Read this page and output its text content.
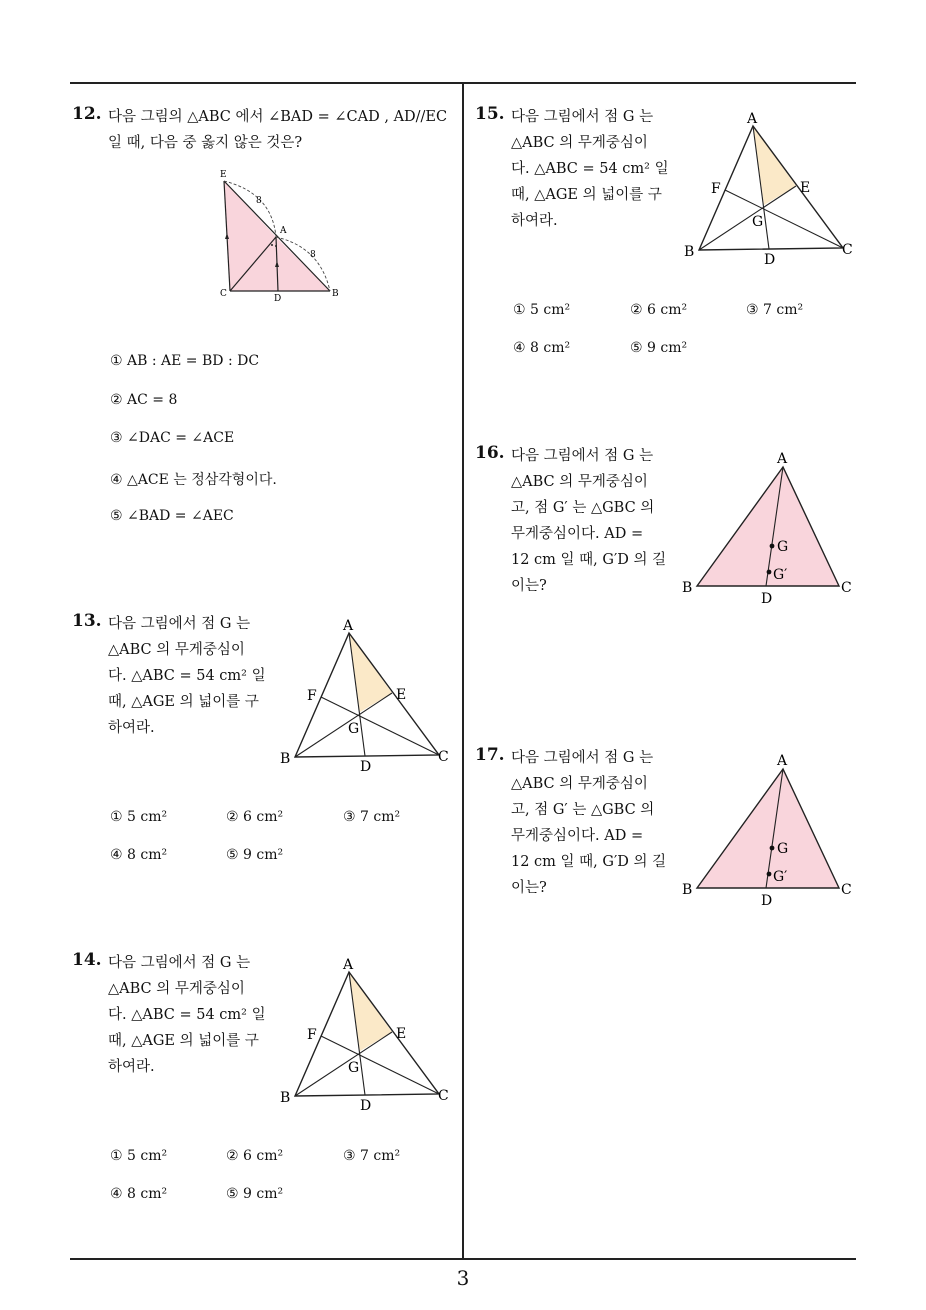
3
12. 다음 그림의 △ABC 에서 ∠BAD = ∠CAD , AD//EC
일 때, 다음 중 옳지 않은 것은?
E
A
C	D	B
8
8
① AB : AE = BD : DC
② AC = 8
③ ∠DAC = ∠ACE
④ △ACE 는 정삼각형이다.
⑤ ∠BAD = ∠AEC
13. 다음 그림에서 점 G 는
△ABC 의 무게중심이
다. △ABC = 54 cm² 일
때, △AGE 의 넓이를 구
하여라.
A
F	E
G
B	D
C
① 5 cm²	② 6 cm²	③ 7 cm²
④ 8 cm²	⑤ 9 cm²
14. 다음 그림에서 점 G 는
△ABC 의 무게중심이
다. △ABC = 54 cm² 일
때, △AGE 의 넓이를 구
하여라.
A
F	E
G
B	D
C
① 5 cm²	② 6 cm²	③ 7 cm²
④ 8 cm²	⑤ 9 cm²
15. 다음 그림에서 점 G 는
△ABC 의 무게중심이
다. △ABC = 54 cm² 일
때, △AGE 의 넓이를 구
하여라.
A
F	E
G
B	D
C
① 5 cm²	② 6 cm²	③ 7 cm²
④ 8 cm²	⑤ 9 cm²
16. 다음 그림에서 점 G 는
△ABC 의 무게중심이
고, 점 G′ 는 △GBC 의
무게중심이다. AD =
12 cm 일 때, G′D 의 길
이는?
A
G
G′
B
D
C
17. 다음 그림에서 점 G 는
△ABC 의 무게중심이
고, 점 G′ 는 △GBC 의
무게중심이다. AD =
12 cm 일 때, G′D 의 길
이는?
A
G
G′
B
D
C
